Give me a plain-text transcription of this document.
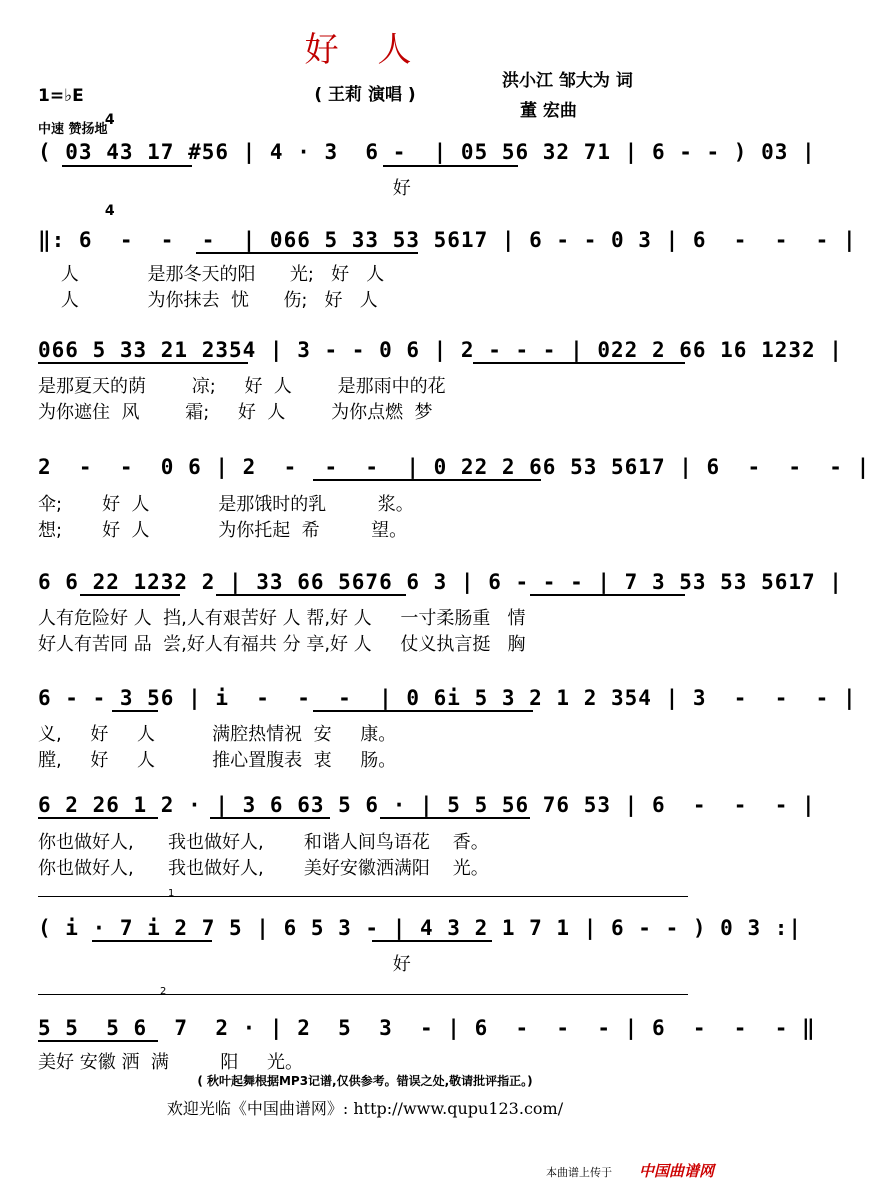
好 人
( 王莉 演唱 )
洪小江 邹大为 词
董 宏曲
1=♭E

4

4

中速 赞扬地
( 03 43 17 #56 | 4 · 3  6 -  | 05 56 32 71 | 6 - - ) 03 |
好
‖: 6  -  -  -  | 066 5 33 53 5617 | 6 - - 0 3 | 6  -  -  - |
人            是那冬天的阳      光;   好   人
人            为你抹去  忧      伤;   好   人
066 5 33 21 2354 | 3 - - 0 6 | 2 - - - | 022 2 66 16 1232 |
是那夏天的荫        凉;     好  人        是那雨中的花
为你遮住  风        霜;     好  人        为你点燃  梦
2  -  -  0 6 | 2  -  -  -  | 0 22 2 66 53 5617 | 6  -  -  - |
伞;       好  人            是那饿时的乳         浆。
想;       好  人            为你托起  希         望。
6 6 22 1232 2 | 33 66 5676 6 3 | 6 - - - | 7 3 53 53 5617 |
人有危险好 人  挡,人有艰苦好 人 帮,好 人     一寸柔肠重   情
好人有苦同 品  尝,好人有福共 分 享,好 人     仗义执言挺   胸
6 - - 3 56 | i  -  -  -  | 0 6i 5 3 2 1 2 354 | 3  -  -  - |
义,     好     人          满腔热情祝  安     康。
膛,     好     人          推心置腹表  衷     肠。
6 2 26 1 2 · | 3 6 63 5 6 · | 5 5 56 76 53 | 6  -  -  - |
你也做好人,      我也做好人,       和谐人间鸟语花    香。
你也做好人,      我也做好人,       美好安徽洒满阳    光。
1
( i · 7 i 2 7 5 | 6 5 3 - | 4 3 2 1 7 1 | 6 - - ) 0 3 :|
好
2
5 5  5 6  7  2 · | 2  5  3  - | 6  -  -  - | 6  -  -  - ‖
美好 安徽 洒  满         阳     光。
( 秋叶起舞根据MP3记谱,仅供参考。错误之处,敬请批评指正。)
欢迎光临《中国曲谱网》: http://www.qupu123.com/
本曲谱上传于 中国曲谱网
